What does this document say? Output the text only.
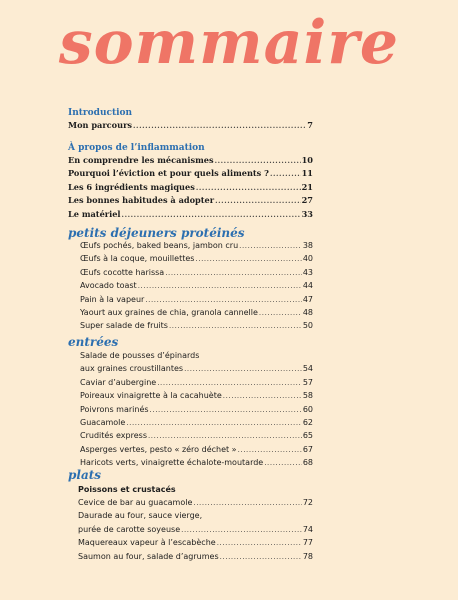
sommaire
Introduction
Mon parcours .....	7
À propos de l’inflammation
En comprendre les mécanismes .....	10
Pourquoi l’éviction et pour quels aliments ? .....	11
Les 6 ingrédients magiques .....	21
Les bonnes habitudes à adopter .....	27
Le matériel .....	33
petits déjeuners protéinés
Œufs pochés, baked beans, jambon cru .....	38
Œufs à la coque, mouillettes .....	40
Œufs cocotte harissa .....	43
Avocado toast .....	44
Pain à la vapeur .....	47
Yaourt aux graines de chia, granola cannelle .....	48
Super salade de fruits .....	50
entrées
Salade de pousses d’épinards
aux graines croustillantes .....	54
Caviar d’aubergine .....	57
Poireaux vinaigrette à la cacahuète .....	58
Poivrons marinés .....	60
Guacamole .....	62
Crudités express .....	65
Asperges vertes, pesto « zéro déchet » .....	67
Haricots verts, vinaigrette échalote-moutarde .....	68
plats
Poissons et crustacés
Cevice de bar au guacamole .....	72
Daurade au four, sauce vierge,
purée de carotte soyeuse .....	74
Maquereaux vapeur à l’escabèche .....	77
Saumon au four, salade d’agrumes .....	78
